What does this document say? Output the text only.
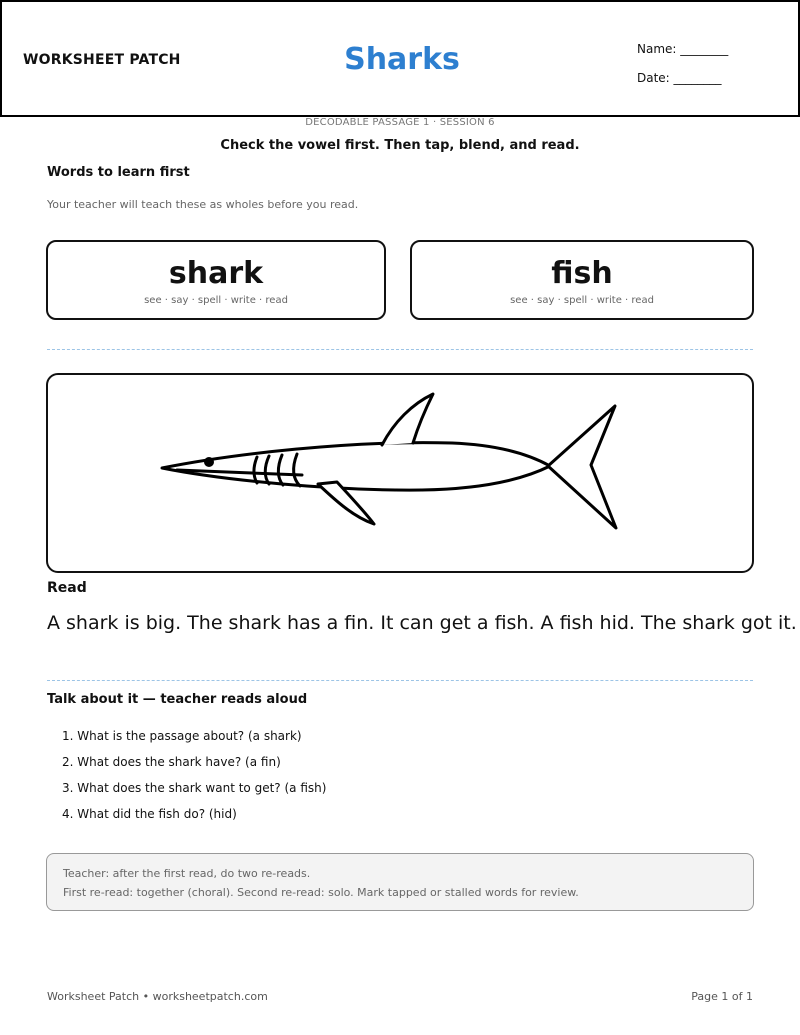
WORKSHEET PATCH	Sharks	Name: ________
Date: ________
DECODABLE PASSAGE 1 · SESSION 6
Check the vowel first. Then tap, blend, and read.
Words to learn first
Your teacher will teach these as wholes before you read.
shark
see · say · spell · write · read
fish
see · say · spell · write · read
Read
A shark is big. The shark has a fin. It can get a fish. A fish hid. The shark got it.
Talk about it — teacher reads aloud
1. What is the passage about? (a shark)
2. What does the shark have? (a fin)
3. What does the shark want to get? (a fish)
4. What did the fish do? (hid)
Teacher: after the first read, do two re-reads.
First re-read: together (choral). Second re-read: solo. Mark tapped or stalled words for review.
Worksheet Patch • worksheetpatch.com	Page 1 of 1
